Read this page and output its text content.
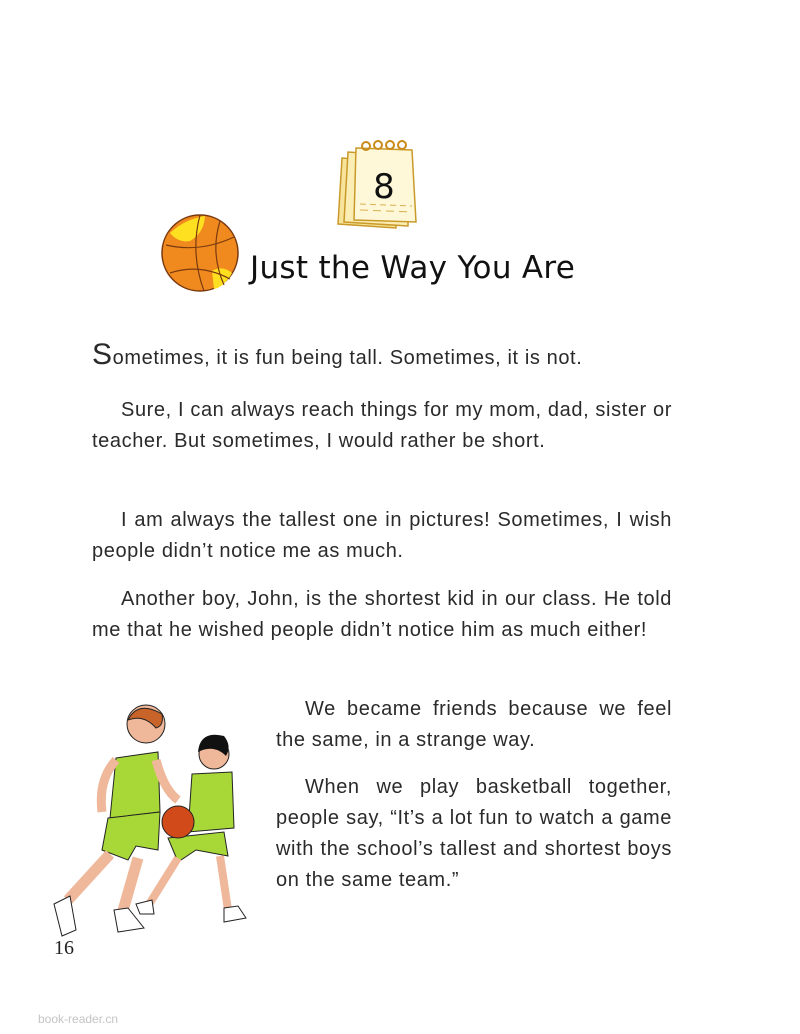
8
Just the Way You Are

Sometimes, it is fun being tall. Sometimes, it is not.

Sure, I can always reach things for my mom, dad, sister or teacher. But sometimes, I would rather be short.

I am always the tallest one in pictures! Sometimes, I wish people didn’t notice me as much.

Another boy, John, is the shortest kid in our class. He told me that he wished people didn’t notice him as much either!

We became friends because we feel the same, in a strange way.

When we play basketball together, people say, “It’s a lot fun to watch a game with the school’s tallest and shortest boys on the same team.”

16
book-reader.cn
